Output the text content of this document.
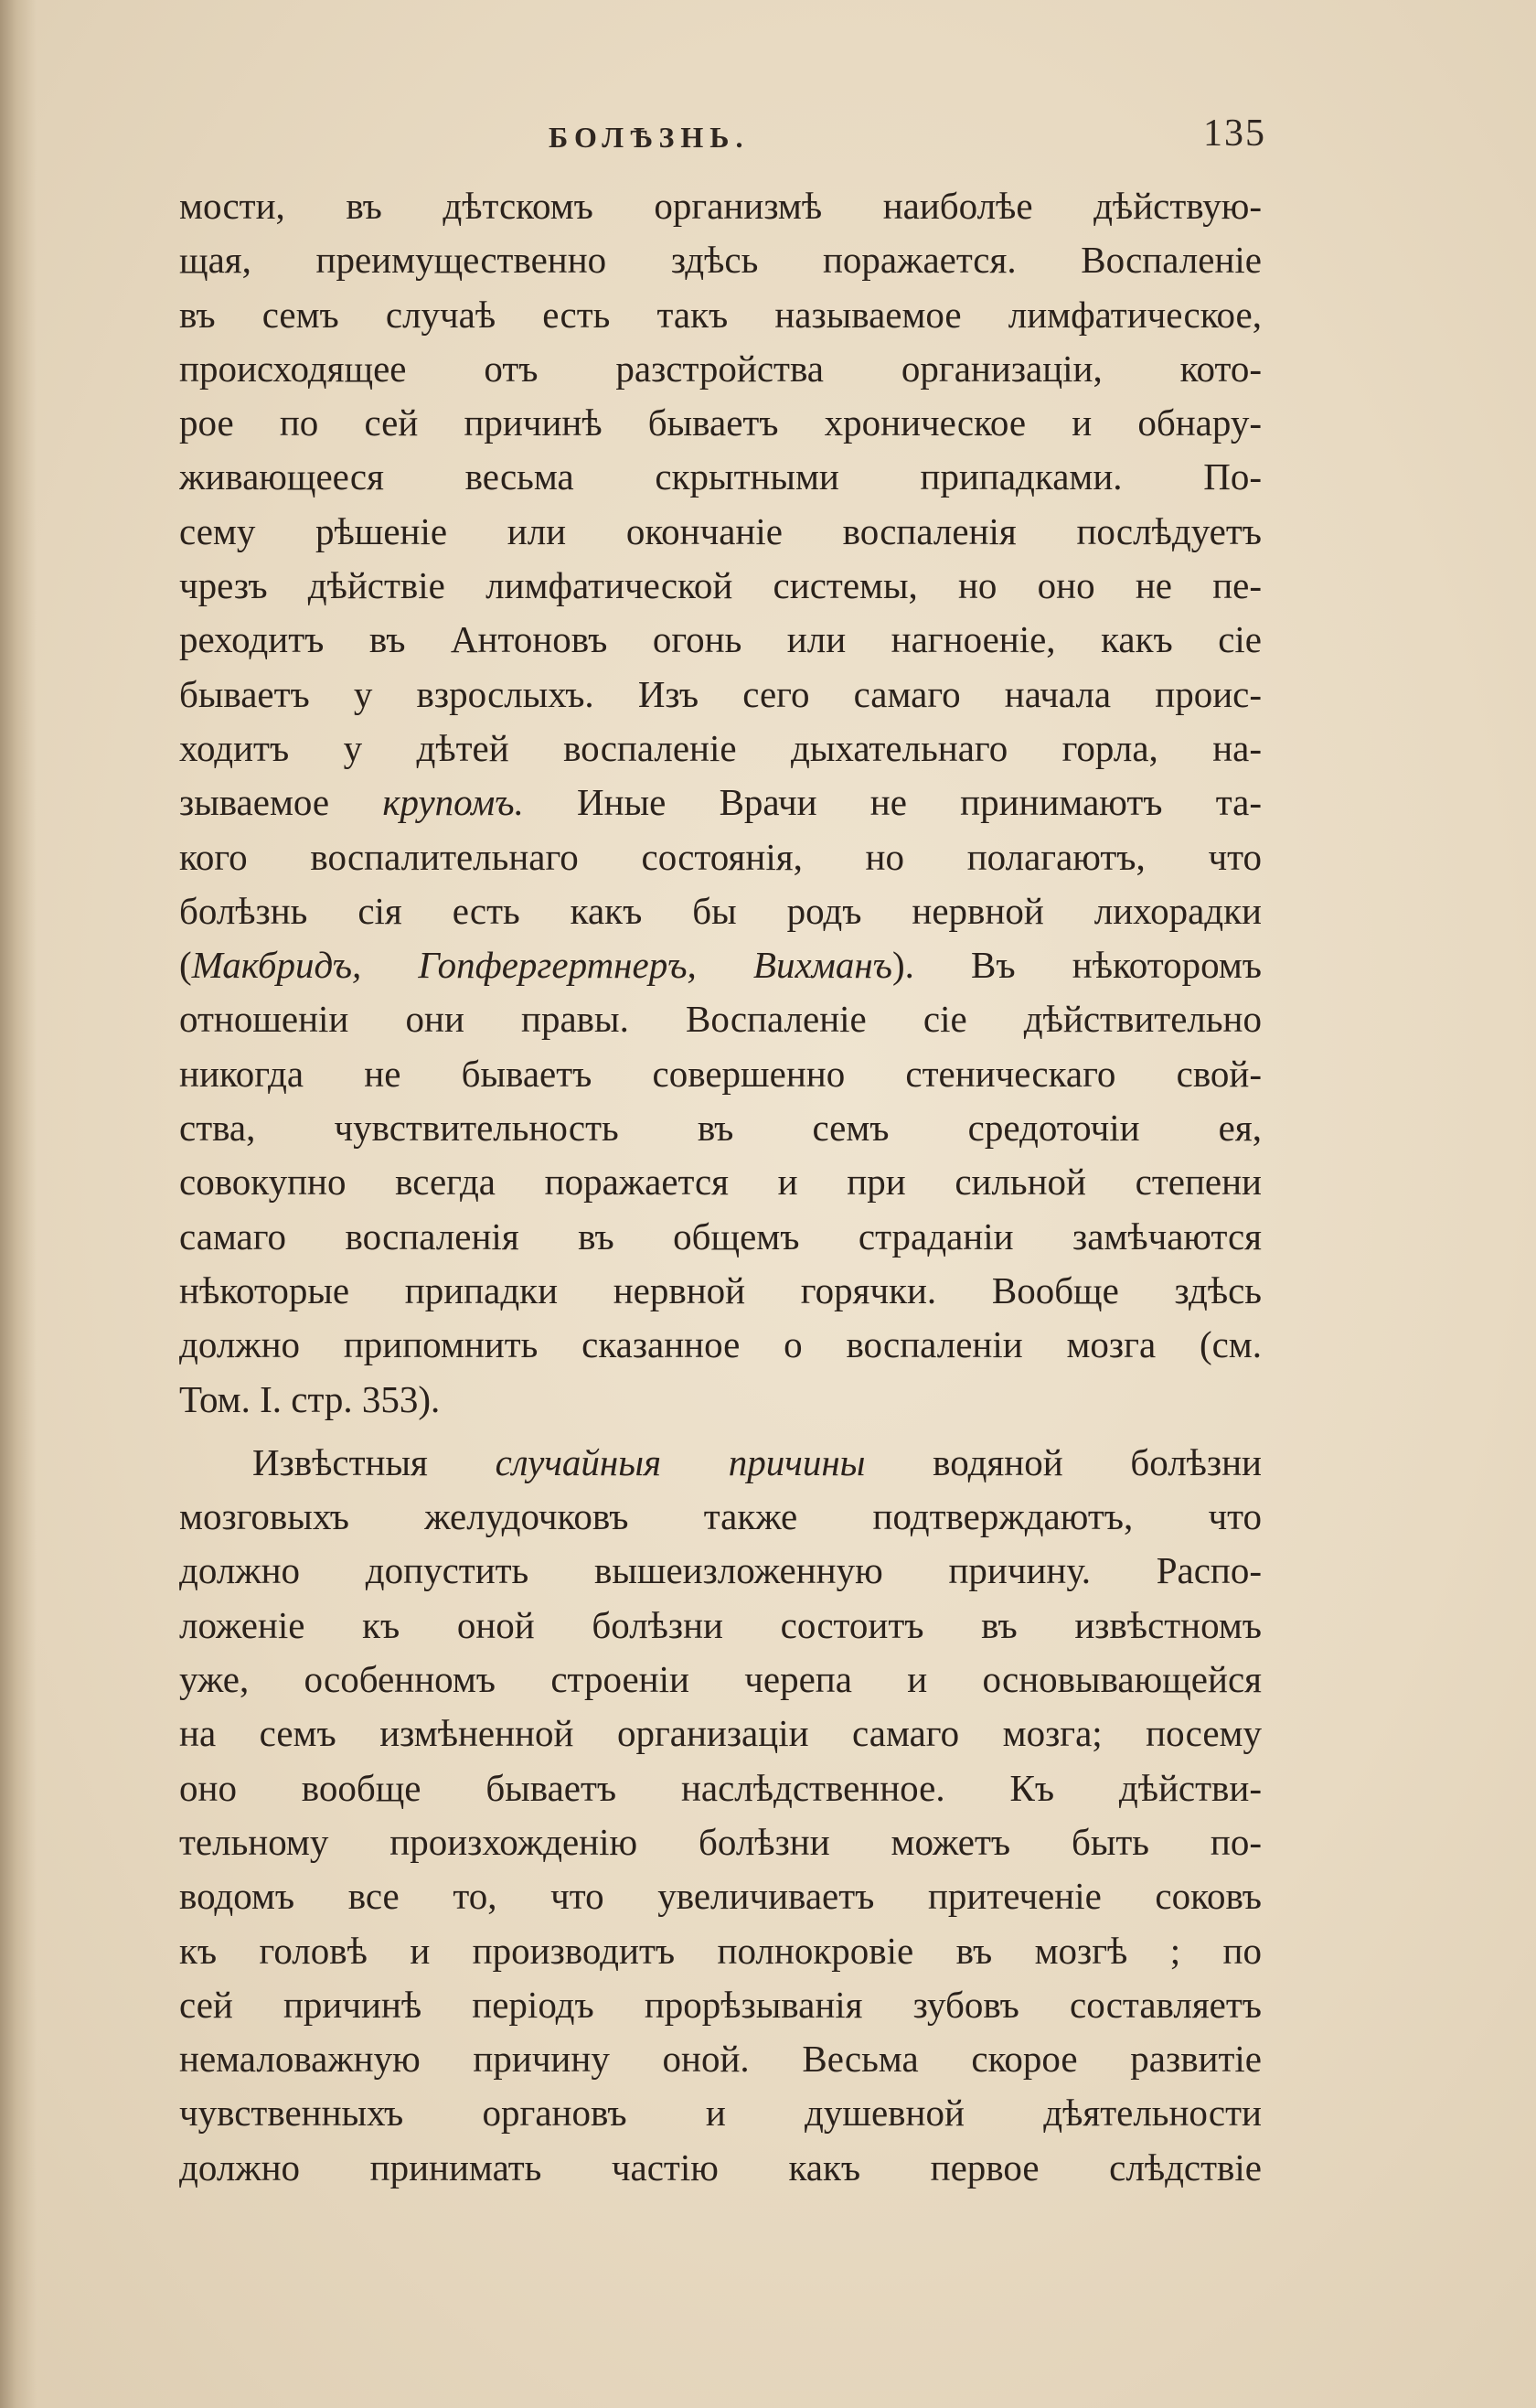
БОЛѢЗНЬ.	135
мости, въ дѣтскомъ организмѣ наиболѣе дѣйствую-
щая, преимущественно здѣсь поражается. Воспаленіе
въ семъ случаѣ есть такъ называемое лимфатическое,
происходящее отъ разстройства организаціи, кото-
рое по сей причинѣ бываетъ хроническое и обнару-
живающееся весьма скрытными припадками. По-
сему рѣшеніе или окончаніе воспаленія послѣдуетъ
чрезъ дѣйствіе лимфатической системы, но оно не пе-
реходитъ въ Антоновъ огонь или нагноеніе, какъ сіе
бываетъ у взрослыхъ. Изъ сего самаго начала проис-
ходитъ у дѣтей воспаленіе дыхательнаго горла, на-
зываемое крупомъ. Иные Врачи не принимаютъ та-
кого воспалительнаго состоянія, но полагаютъ, что
болѣзнь сія есть какъ бы родъ нервной лихорадки
(Макбридъ, Гопфергертнеръ, Вихманъ). Въ нѣкоторомъ
отношеніи они правы. Воспаленіе сіе дѣйствительно
никогда не бываетъ совершенно стеническаго свой-
ства, чувствительность въ семъ средоточіи ея,
совокупно всегда поражается и при сильной степени
самаго воспаленія въ общемъ страданіи замѣчаются
нѣкоторые припадки нервной горячки. Вообще здѣсь
должно припомнить сказанное о воспаленіи мозга (см.
Том. I. стр. 353).
Извѣстныя случайныя причины водяной болѣзни
мозговыхъ желудочковъ также подтверждаютъ, что
должно допустить вышеизложенную причину. Распо-
ложеніе къ оной болѣзни состоитъ въ извѣстномъ
уже, особенномъ строеніи черепа и основывающейся
на семъ измѣненной организаціи самаго мозга; посему
оно вообще бываетъ наслѣдственное. Къ дѣйстви-
тельному произхожденію болѣзни можетъ быть по-
водомъ все то, что увеличиваетъ притеченіе соковъ
къ головѣ и производитъ полнокровіе въ мозгѣ ; по
сей причинѣ періодъ прорѣзыванія зубовъ составляетъ
немаловажную причину оной. Весьма скорое развитіе
чувственныхъ органовъ и душевной дѣятельности
должно принимать частію какъ первое слѣдствіе
